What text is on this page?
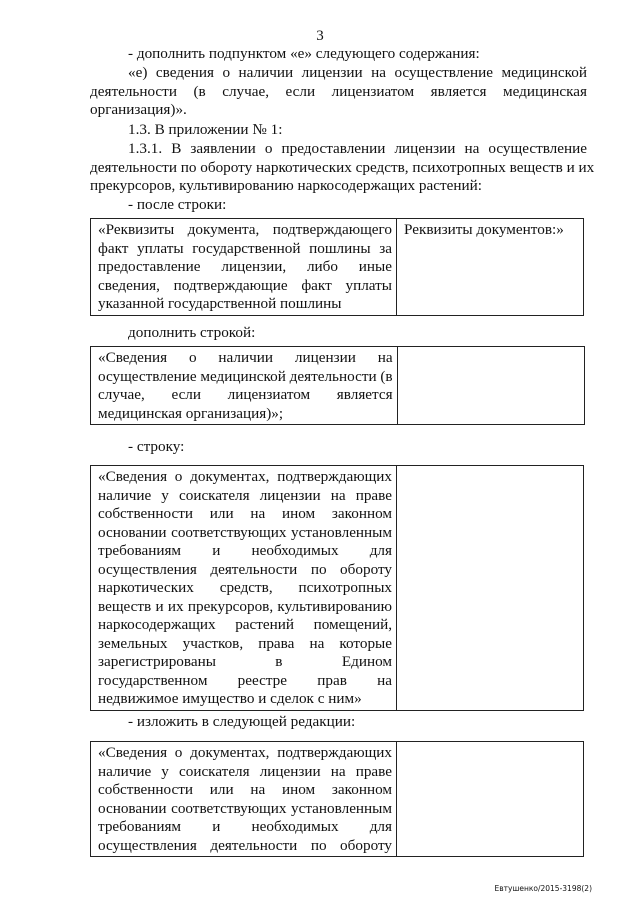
3
- дополнить подпунктом «е» следующего содержания:
«е) сведения о наличии лицензии на осуществление медицинской
деятельности (в случае, если лицензиатом является медицинская
организация)».
1.3. В приложении № 1:
1.3.1. В заявлении о предоставлении лицензии на осуществление
деятельности по обороту наркотических средств, психотропных веществ и их
прекурсоров, культивированию наркосодержащих растений:
- после строки:
«Реквизиты документа, подтверждающего
факт уплаты государственной пошлины за
предоставление лицензии, либо иные
сведения, подтверждающие факт уплаты
указанной государственной пошлины
	Реквизиты документов:»
дополнить строкой:
«Сведения о наличии лицензии на
осуществление медицинской деятельности (в
случае, если лицензиатом является
медицинская организация)»;

- строку:
«Сведения о документах, подтверждающих
наличие у соискателя лицензии на праве
собственности или на ином законном
основании соответствующих установленным
требованиям и необходимых для
осуществления деятельности по обороту
наркотических средств, психотропных
веществ и их прекурсоров, культивированию
наркосодержащих растений помещений,
земельных участков, права на которые
зарегистрированы в Едином
государственном реестре прав на
недвижимое имущество и сделок с ним»

- изложить в следующей редакции:
«Сведения о документах, подтверждающих
наличие у соискателя лицензии на праве
собственности или на ином законном
основании соответствующих установленным
требованиям и необходимых для
осуществления деятельности по обороту

Евтушенко/2015-3198(2)
